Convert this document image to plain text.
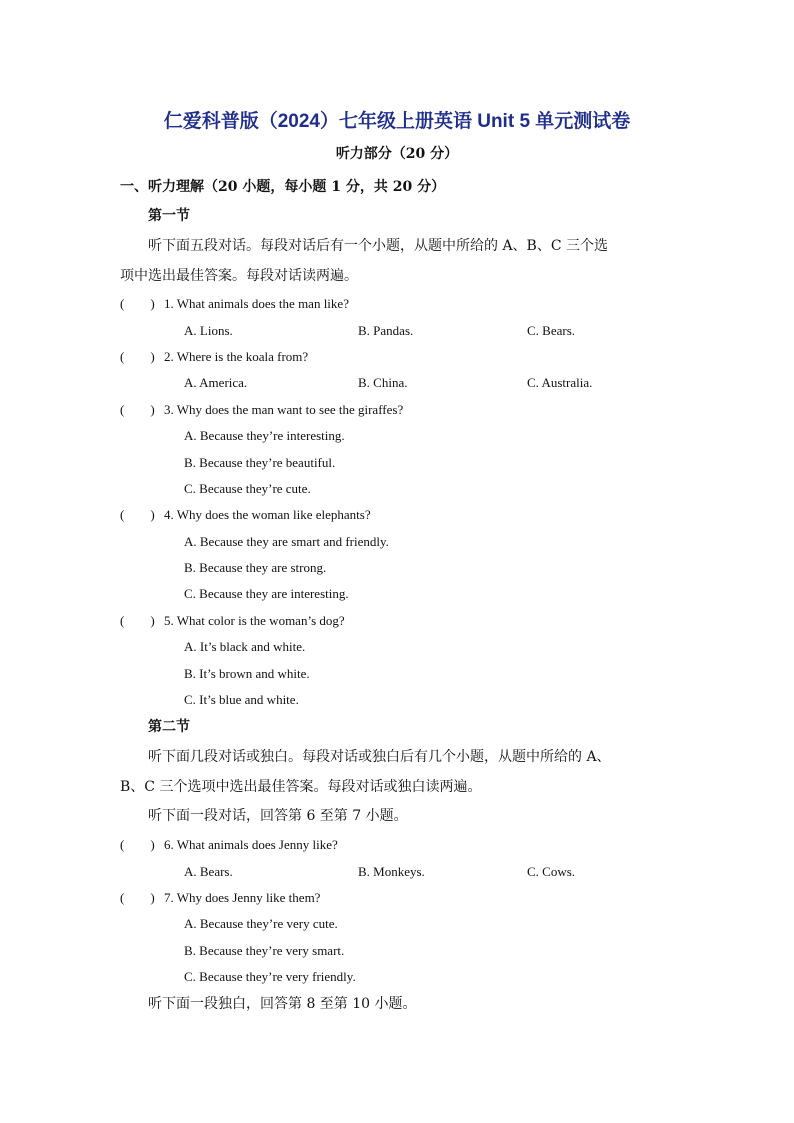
仁爱科普版（2024）七年级上册英语 Unit 5 单元测试卷
听力部分（20 分）
一、听力理解（20 小题，每小题 1 分，共 20 分）
第一节
听下面五段对话。每段对话后有一个小题，从题中所给的 A、B、C 三个选
项中选出最佳答案。每段对话读两遍。
(　　) 1. What animals does the man like?
A. Lions.	B. Pandas.	C. Bears.
(　　) 2. Where is the koala from?
A. America.	B. China.	C. Australia.
(　　) 3. Why does the man want to see the giraffes?
A. Because they’re interesting.
B. Because they’re beautiful.
C. Because they’re cute.
(　　) 4. Why does the woman like elephants?
A. Because they are smart and friendly.
B. Because they are strong.
C. Because they are interesting.
(　　) 5. What color is the woman’s dog?
A. It’s black and white.
B. It’s brown and white.
C. It’s blue and white.
第二节
听下面几段对话或独白。每段对话或独白后有几个小题，从题中所给的 A、
B、C 三个选项中选出最佳答案。每段对话或独白读两遍。
听下面一段对话，回答第 6 至第 7 小题。
(　　) 6. What animals does Jenny like?
A. Bears.	B. Monkeys.	C. Cows.
(　　) 7. Why does Jenny like them?
A. Because they’re very cute.
B. Because they’re very smart.
C. Because they’re very friendly.
听下面一段独白，回答第 8 至第 10 小题。
